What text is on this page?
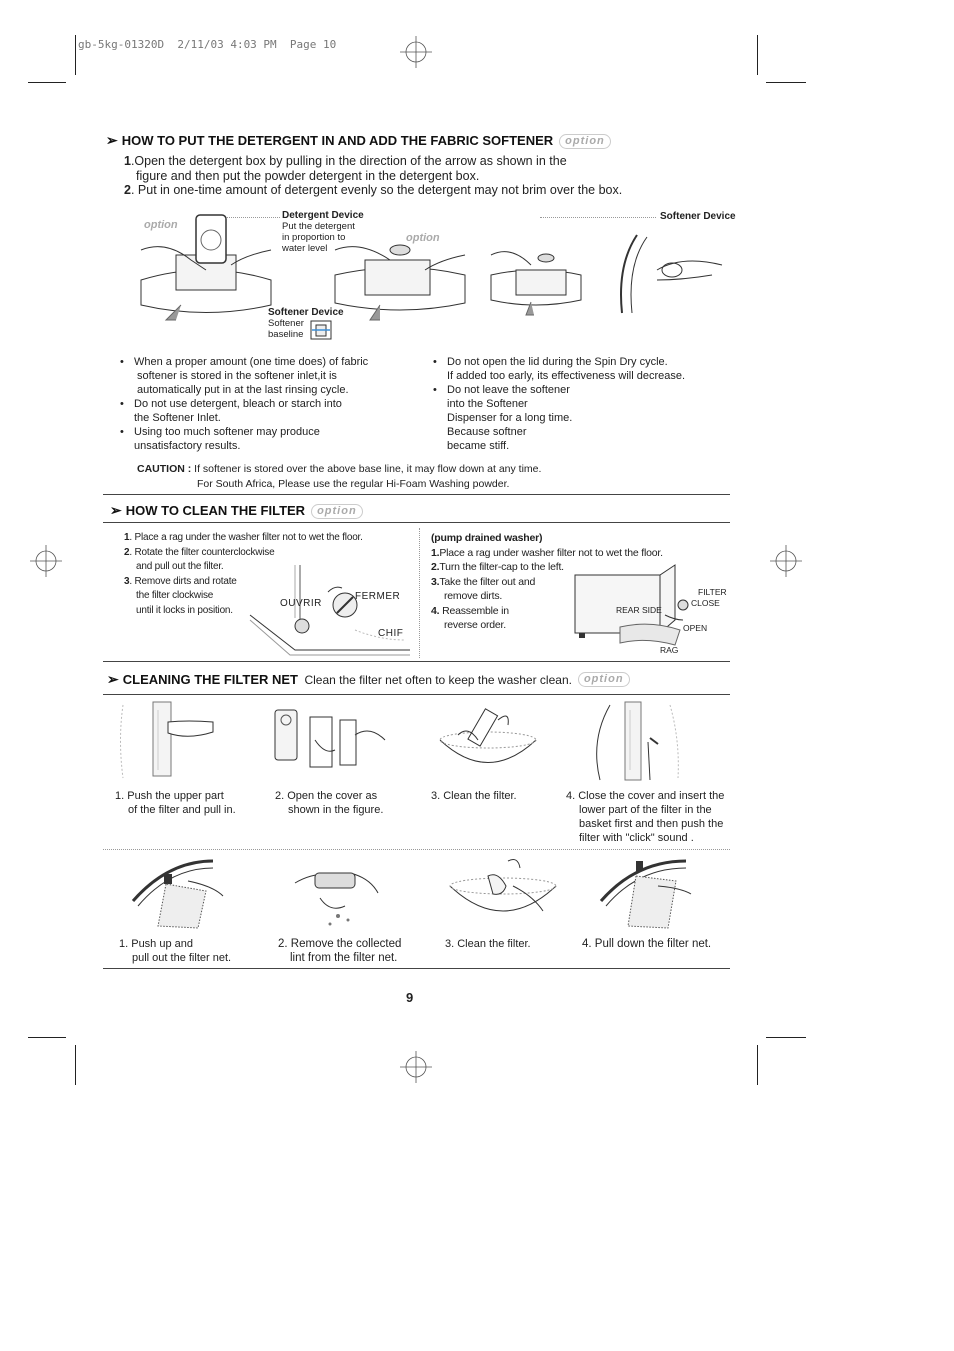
gb-5kg-01320D  2/11/03 4:03 PM  Page 10
➢ HOW TO PUT THE DETERGENT IN AND ADD THE FABRIC SOFTENER option
1.Open the detergent box by pulling in the direction of the arrow as shown in the
figure and then put the powder detergent in the detergent box.
2. Put in one-time amount of detergent evenly so the detergent may not brim over the box.
option
Detergent Device
Put the detergent
in proportion to
water level
option
Softener Device
Softener Device
Softener
baseline
• When a proper amount (one time does) of fabric
softener is stored in the softener inlet,it is
automatically put in at the last rinsing cycle.
• Do not use detergent, bleach or starch into
the Softener Inlet.
• Using too much softener may produce
unsatisfactory results.
• Do not open the lid during the Spin Dry cycle.
If added too early, its effectiveness will decrease.
• Do not leave the softener
into the Softener
Dispenser for a long time.
Because softner
became stiff.
CAUTION : If softener is stored over the above base line, it may flow down at any time.
For South Africa, Please use the regular Hi-Foam Washing powder.
➢ HOW TO CLEAN THE FILTER option
1. Place a rag under the washer filter not to wet the floor.
2. Rotate the filter counterclockwise
and pull out the filter.
3. Remove dirts and rotate
the filter clockwise
until it locks in position.
OUVRIR
FERMER
CHIF
(pump drained washer)
1.Place a rag under washer filter not to wet the floor.
2.Turn the filter-cap to the left.
3.Take the filter out and
remove dirts.
4. Reassemble in
reverse order.
FILTER
CLOSE
REAR SIDE
OPEN
RAG
➢ CLEANING THE FILTER NET Clean the filter net often to keep the washer clean. option
1. Push the upper part
of the filter and pull in.
2. Open the cover as
shown in the figure.
3. Clean the filter.	4. Close the cover and insert the
lower part of the filter in the
basket first and then push the
filter with "click" sound .
1. Push up and
pull out the filter net.
2. Remove the collected
lint from the filter net.
3. Clean the filter.	4. Pull down the filter net.
9
